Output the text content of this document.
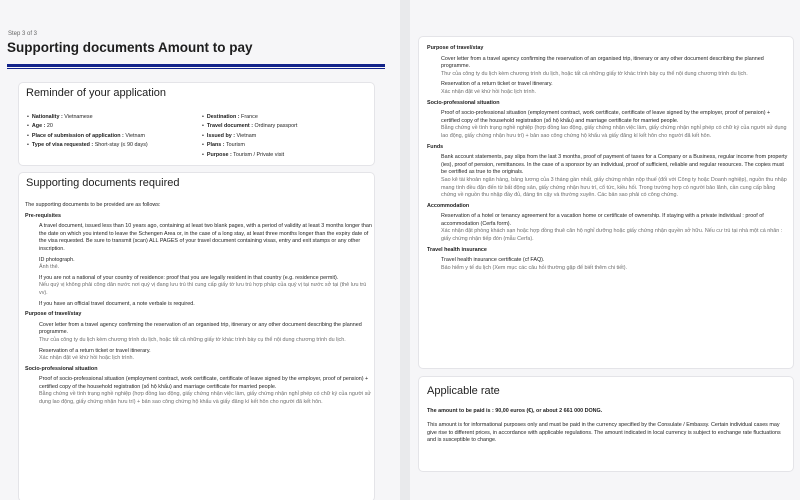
Step 3 of 3
Supporting documents Amount to pay
Reminder of your application
• Nationality : Vietnamese
• Age : 20
• Place of submission of application : Vietnam
• Type of visa requested : Short-stay (≤ 90 days)
• Destination : France
• Travel document : Ordinary passport
• Issued by : Vietnam
• Plans : Tourism
• Purpose : Tourism / Private visit
Supporting documents required
The supporting documents to be provided are as follows:
Pre-requisites
A travel document, issued less than 10 years ago, containing at least two blank pages, with a period of validity at least 3 months longer than the date on which you intend to leave the Schengen Area or, in the case of a long stay, at least three months longer than the expiry date of the visa requested. Be sure to transmit (scan) ALL PAGES of your travel document containing visas, entry and exit stamps or any other inscription.
ID photograph.
Ảnh thẻ.
If you are not a national of your country of residence: proof that you are legally resident in that country (e.g. residence permit).
Nếu quý vị không phải công dân nước nơi quý vị đang lưu trú thì cung cấp giấy tờ lưu trú hợp pháp của quý vị tại nước sở tại (thẻ lưu trú vv).
If you have an official travel document, a note verbale is required.
Purpose of travel/stay
Cover letter from a travel agency confirming the reservation of an organised trip, itinerary or any other document describing the planned programme.
Thư của công ty du lịch kèm chương trình du lịch, hoặc tất cả những giấy tờ khác trình bày cụ thể nội dung chương trình du lịch.
Reservation of a return ticket or travel itinerary.
Xác nhận đặt vé khứ hồi hoặc lịch trình.
Socio-professional situation
Proof of socio-professional situation (employment contract, work certificate, certificate of leave signed by the employer, proof of pension) + certified copy of the household registration (sổ hộ khẩu) and marriage certificate for married people.
Bằng chứng về tình trạng nghề nghiệp (hợp đồng lao động, giấy chứng nhận việc làm, giấy chứng nhận nghỉ phép có chữ ký của người sử dụng lao động, giấy chứng nhận hưu trí) + bản sao công chứng hộ khẩu và giấy đăng kí kết hôn cho người đã kết hôn.
Purpose of travel/stay
Cover letter from a travel agency confirming the reservation of an organised trip, itinerary or any other document describing the planned programme.
Thư của công ty du lịch kèm chương trình du lịch, hoặc tất cả những giấy tờ khác trình bày cụ thể nội dung chương trình du lịch.
Reservation of a return ticket or travel itinerary.
Xác nhận đặt vé khứ hồi hoặc lịch trình.
Socio-professional situation
Proof of socio-professional situation (employment contract, work certificate, certificate of leave signed by the employer, proof of pension) + certified copy of the household registration (sổ hộ khẩu) and marriage certificate for married people.
Bằng chứng về tình trạng nghề nghiệp (hợp đồng lao động, giấy chứng nhận việc làm, giấy chứng nhận nghỉ phép có chữ ký của người sử dụng lao động, giấy chứng nhận hưu trí) + bản sao công chứng hộ khẩu và giấy đăng kí kết hôn cho người đã kết hôn.
Funds
Bank account statements, pay slips from the last 3 months, proof of payment of taxes for a Company or a Business, regular income from property (ies), proof of pension, remittances. In the case of a sponsor by an individual, proof of sufficient, reliable and regular resources. The copies must be certified as true to the originals.
Sao kê tài khoản ngân hàng, bảng lương của 3 tháng gần nhất, giấy chứng nhận nộp thuế (đối với Công ty hoặc Doanh nghiệp), nguồn thu nhập mang tính đều đặn đến từ bất động sản, giấy chứng nhận hưu trí, cổ tức, kiều hối. Trong trường hợp có người bảo lãnh, cần cung cấp bằng chứng về nguồn thu nhập đầy đủ, đáng tin cậy và thường xuyên. Các bản sao phải có công chứng.
Accommodation
Reservation of a hotel or tenancy agreement for a vacation home or certificate of ownership. If staying with a private individual : proof of accommodation (Cerfa form).
Xác nhận đặt phòng khách sạn hoặc hợp đồng thuê căn hộ nghỉ dưỡng hoặc giấy chứng nhận quyền sở hữu. Nếu cư trú tại nhà một cá nhân : giấy chứng nhận tiếp đón (mẫu Cerfa).
Travel health insurance
Travel health insurance certificate (cf FAQ).
Bảo hiểm y tế du lịch (Xem mục các câu hỏi thường gặp để biết thêm chi tiết).
Applicable rate
The amount to be paid is : 90,00 euros (€), or about 2 661 000 DONG.
This amount is for informational purposes only and must be paid in the currency specified by the Consulate / Embassy. Certain individual cases may give rise to different prices, in accordance with applicable regulations. The amount indicated in local currency is subject to exchange rate fluctuations and is susceptible to change.
